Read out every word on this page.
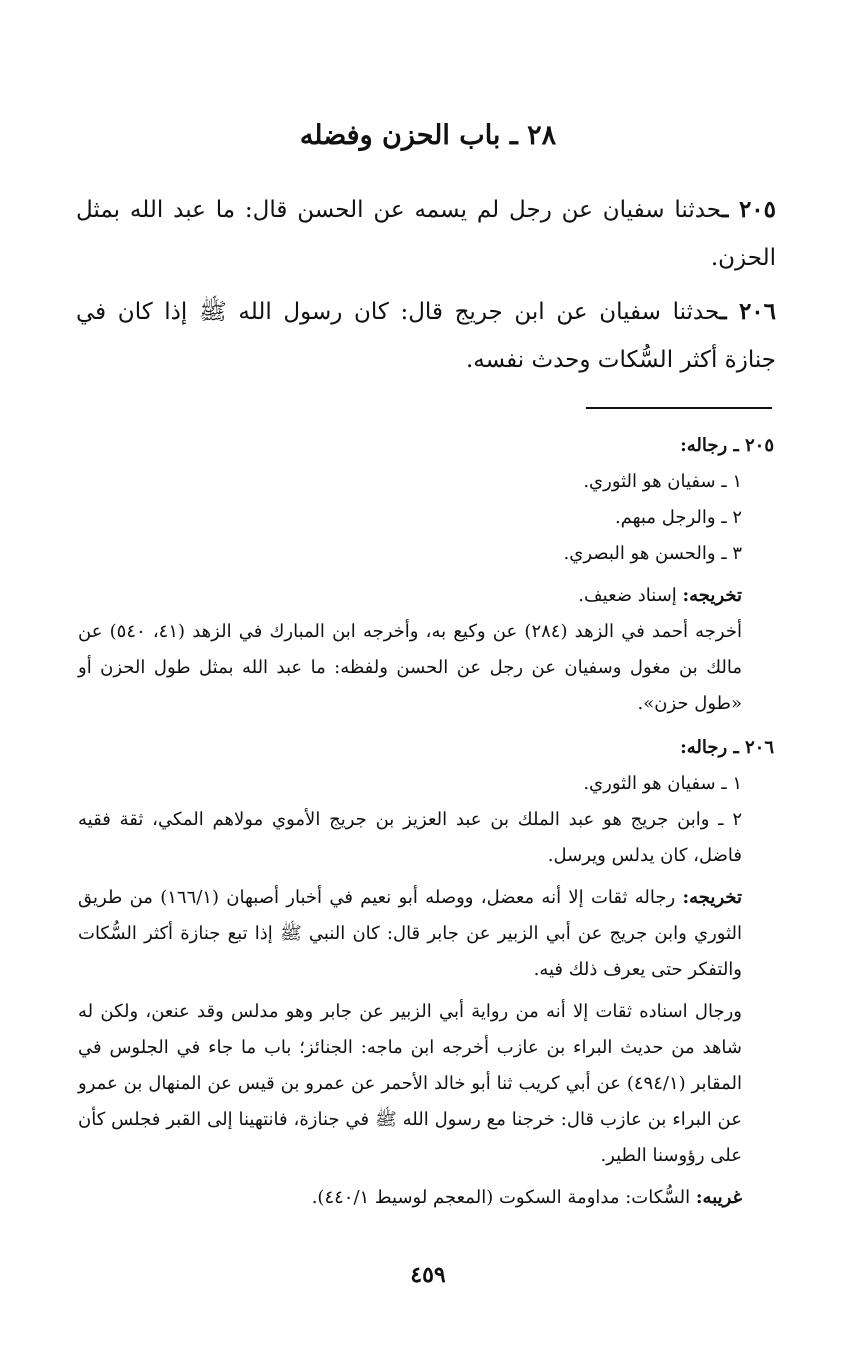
٢٨ ـ باب الحزن وفضله

٢٠٥ ـحدثنا سفيان عن رجل لم يسمه عن الحسن قال: ما عبد الله بمثل الحزن.

٢٠٦ ـحدثنا سفيان عن ابن جريج قال: كان رسول الله ﷺ إذا كان في جنازة أكثر السُّكات وحدث نفسه.

٢٠٥ ـ رجاله:

١ ـ سفيان هو الثوري.

٢ ـ والرجل مبهم.

٣ ـ والحسن هو البصري.

تخريجه: إسناد ضعيف.

أخرجه أحمد في الزهد (٢٨٤) عن وكيع به، وأخرجه ابن المبارك في الزهد (٤١، ٥٤٠) عن مالك بن مغول وسفيان عن رجل عن الحسن ولفظه: ما عبد الله بمثل طول الحزن أو «طول حزن».

٢٠٦ ـ رجاله:

١ ـ سفيان هو الثوري.

٢ ـ وابن جريج هو عبد الملك بن عبد العزيز بن جريج الأموي مولاهم المكي، ثقة فقيه فاضل، كان يدلس ويرسل.

تخريجه: رجاله ثقات إلا أنه معضل، ووصله أبو نعيم في أخبار أصبهان (١٦٦/١) من طريق الثوري وابن جريج عن أبي الزبير عن جابر قال: كان النبي ﷺ إذا تبع جنازة أكثر السُّكات والتفكر حتى يعرف ذلك فيه.

ورجال اسناده ثقات إلا أنه من رواية أبي الزبير عن جابر وهو مدلس وقد عنعن، ولكن له شاهد من حديث البراء بن عازب أخرجه ابن ماجه: الجنائز؛ باب ما جاء في الجلوس في المقابر (٤٩٤/١) عن أبي كريب ثنا أبو خالد الأحمر عن عمرو بن قيس عن المنهال بن عمرو عن البراء بن عازب قال: خرجنا مع رسول الله ﷺ في جنازة، فانتهينا إلى القبر فجلس كأن على رؤوسنا الطير.

غريبه: السُّكات: مداومة السكوت (المعجم لوسيط ٤٤٠/١).

٤٥٩
